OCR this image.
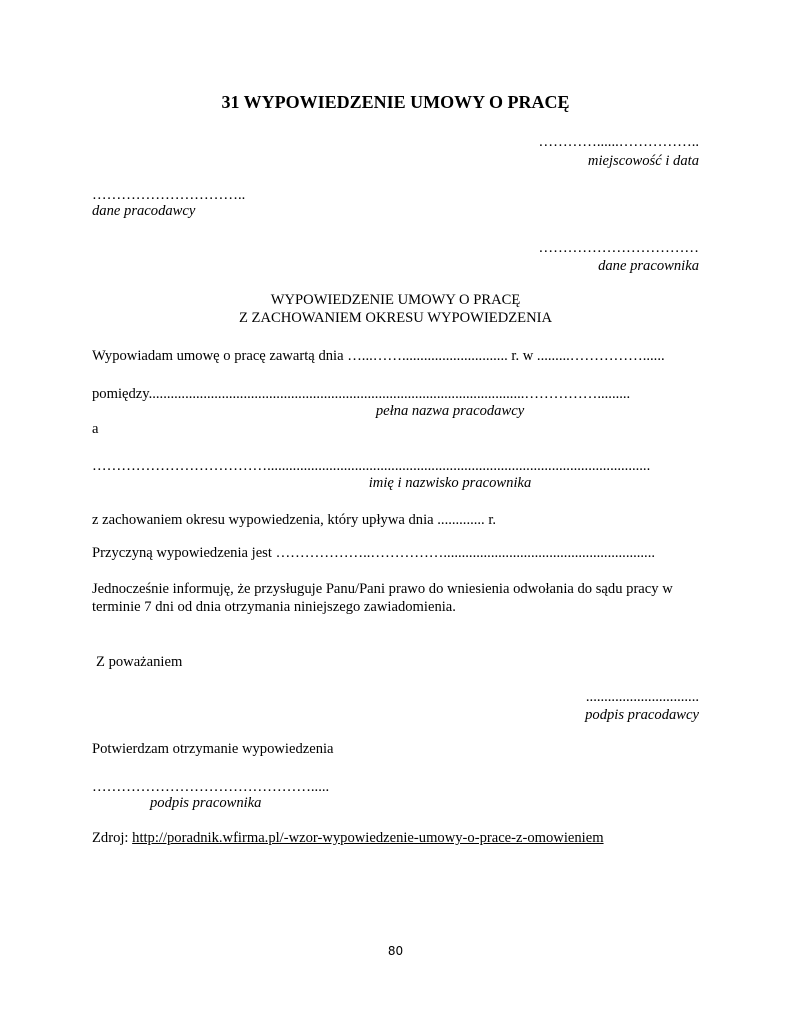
31 WYPOWIEDZENIE UMOWY O PRACĘ
…………......……………..
miejscowość i data
…………………………..
dane pracodawcy
……………………………
dane pracownika
WYPOWIEDZENIE UMOWY O PRACĘ
Z ZACHOWANIEM OKRESU WYPOWIEDZENIA
Wypowiadam umowę o pracę zawartą dnia …...……............................. r. w .........……………......
pomiędzy.......................................................................................................…………….........
pełna nazwa pracodawcy
a
……………………………….........................................................................................................
imię i nazwisko pracownika
z zachowaniem okresu wypowiedzenia, który upływa dnia ............. r.
Przyczyną wypowiedzenia jest ………………..……………..........................................................
Jednocześnie informuję, że przysługuje Panu/Pani prawo do wniesienia odwołania do sądu pracy w terminie 7 dni od dnia otrzymania niniejszego zawiadomienia.
Z poważaniem
...............................
podpis pracodawcy
Potwierdzam otrzymanie wypowiedzenia
……………………………………….....
podpis pracownika
Zdroj: http://poradnik.wfirma.pl/-wzor-wypowiedzenie-umowy-o-prace-z-omowieniem
80
